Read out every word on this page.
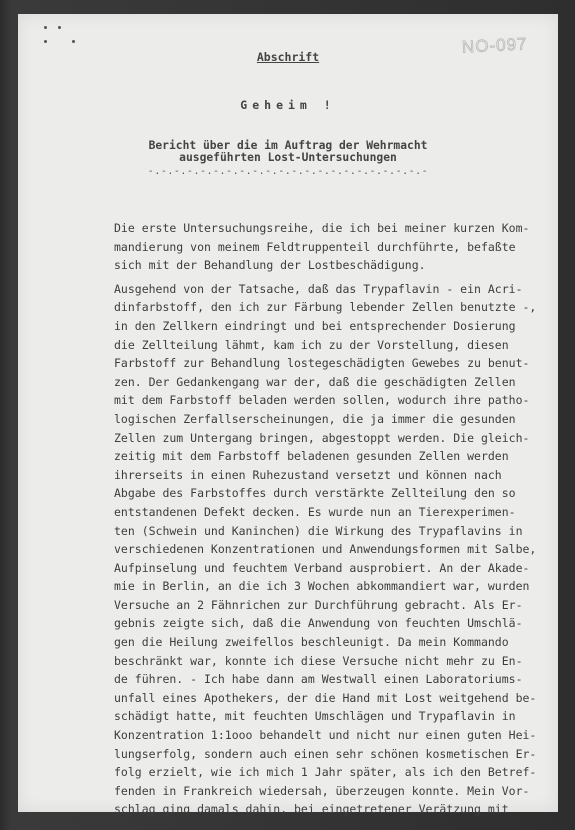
NO-097
Abschrift
Geheim !
Bericht über die im Auftrag der Wehrmacht
ausgeführten Lost-Untersuchungen
-.-.-.-.-.-.-.-.-.-.-.-.-.-.-.-.-.-.-.-.-.-
Die erste Untersuchungsreihe, die ich bei meiner kurzen Kom-
mandierung von meinem Feldtruppenteil durchführte, befaßte
sich mit der Behandlung der Lostbeschädigung.
Ausgehend von der Tatsache, daß das Trypaflavin - ein Acri-
dinfarbstoff, den ich zur Färbung lebender Zellen benutzte -,
in den Zellkern eindringt und bei entsprechender Dosierung
die Zellteilung lähmt, kam ich zu der Vorstellung, diesen
Farbstoff zur Behandlung lostegeschädigten Gewebes zu benut-
zen. Der Gedankengang war der, daß die geschädigten Zellen
mit dem Farbstoff beladen werden sollen, wodurch ihre patho-
logischen Zerfallserscheinungen, die ja immer die gesunden
Zellen zum Untergang bringen, abgestoppt werden. Die gleich-
zeitig mit dem Farbstoff beladenen gesunden Zellen werden
ihrerseits in einen Ruhezustand versetzt und können nach
Abgabe des Farbstoffes durch verstärkte Zellteilung den so
entstandenen Defekt decken. Es wurde nun an Tierexperimen-
ten (Schwein und Kaninchen) die Wirkung des Trypaflavins in
verschiedenen Konzentrationen und Anwendungsformen mit Salbe,
Aufpinselung und feuchtem Verband ausprobiert. An der Akade-
mie in Berlin, an die ich 3 Wochen abkommandiert war, wurden
Versuche an 2 Fähnrichen zur Durchführung gebracht. Als Er-
gebnis zeigte sich, daß die Anwendung von feuchten Umschlä-
gen die Heilung zweifellos beschleunigt. Da mein Kommando
beschränkt war, konnte ich diese Versuche nicht mehr zu En-
de führen. - Ich habe dann am Westwall einen Laboratoriums-
unfall eines Apothekers, der die Hand mit Lost weitgehend be-
schädigt hatte, mit feuchten Umschlägen und Trypaflavin in
Konzentration 1:1ooo behandelt und nicht nur einen guten Hei-
lungserfolg, sondern auch einen sehr schönen kosmetischen Er-
folg erzielt, wie ich mich 1 Jahr später, als ich den Betref-
fenden in Frankreich wiedersah, überzeugen konnte. Mein Vor-
schlag ging damals dahin, bei eingetretener Verätzung mit
